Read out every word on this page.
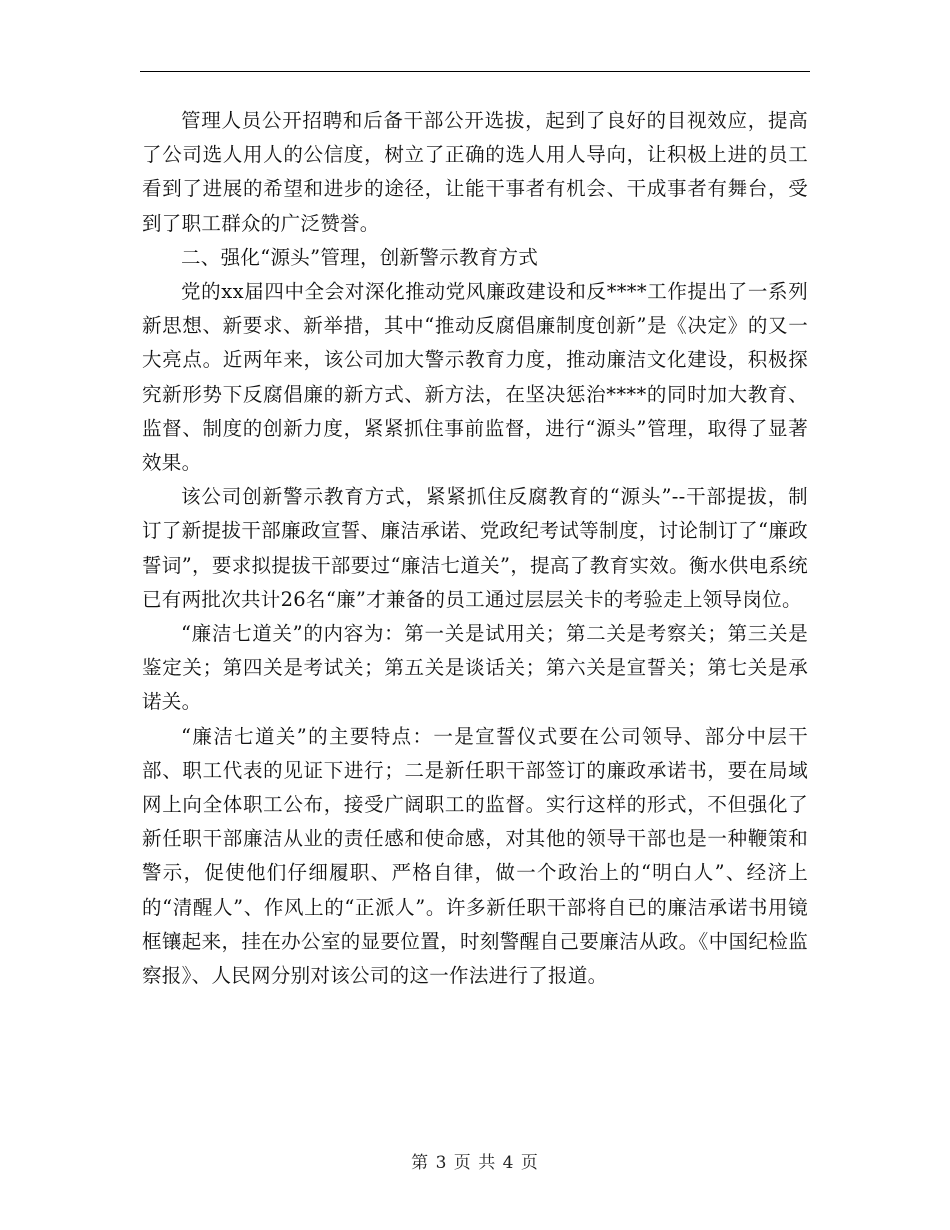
管理人员公开招聘和后备干部公开选拔，起到了良好的目视效应，提高了公司选人用人的公信度，树立了正确的选人用人导向，让积极上进的员工看到了进展的希望和进步的途径，让能干事者有机会、干成事者有舞台，受到了职工群众的广泛赞誉。

二、强化“源头”管理，创新警示教育方式

党的xx届四中全会对深化推动党风廉政建设和反****工作提出了一系列新思想、新要求、新举措，其中“推动反腐倡廉制度创新”是《决定》的又一大亮点。近两年来，该公司加大警示教育力度，推动廉洁文化建设，积极探究新形势下反腐倡廉的新方式、新方法，在坚决惩治****的同时加大教育、监督、制度的创新力度，紧紧抓住事前监督，进行“源头”管理，取得了显著效果。

该公司创新警示教育方式，紧紧抓住反腐教育的“源头”--干部提拔，制订了新提拔干部廉政宣誓、廉洁承诺、党政纪考试等制度，讨论制订了“廉政誓词”，要求拟提拔干部要过“廉洁七道关”，提高了教育实效。衡水供电系统已有两批次共计26名“廉”才兼备的员工通过层层关卡的考验走上领导岗位。

“廉洁七道关”的内容为：第一关是试用关；第二关是考察关；第三关是鉴定关；第四关是考试关；第五关是谈话关；第六关是宣誓关；第七关是承诺关。

“廉洁七道关”的主要特点：一是宣誓仪式要在公司领导、部分中层干部、职工代表的见证下进行；二是新任职干部签订的廉政承诺书，要在局域网上向全体职工公布，接受广阔职工的监督。实行这样的形式，不但强化了新任职干部廉洁从业的责任感和使命感，对其他的领导干部也是一种鞭策和警示，促使他们仔细履职、严格自律，做一个政治上的“明白人”、经济上的“清醒人”、作风上的“正派人”。许多新任职干部将自已的廉洁承诺书用镜框镶起来，挂在办公室的显要位置，时刻警醒自己要廉洁从政。《中国纪检监察报》、人民网分别对该公司的这一作法进行了报道。

第 3 页 共 4 页
